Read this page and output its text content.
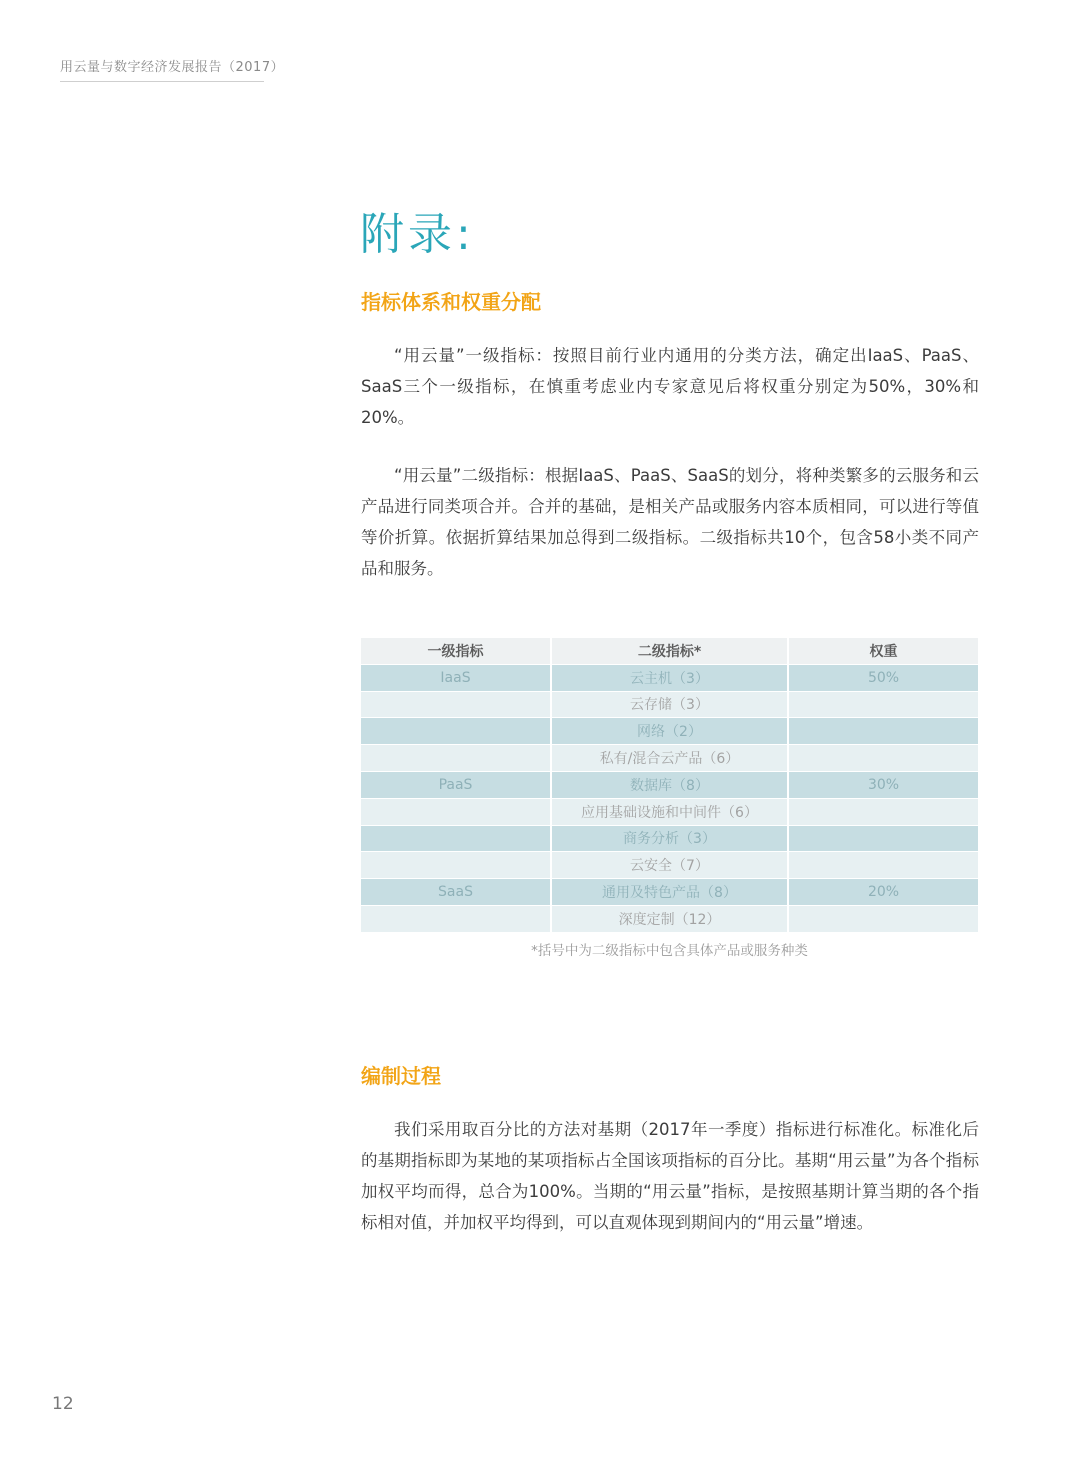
用云量与数字经济发展报告（2017）
附录:
指标体系和权重分配

“用云量”一级指标：按照目前行业内通用的分类方法，确定出IaaS、PaaS、SaaS三个一级指标，在慎重考虑业内专家意见后将权重分别定为50%，30%和20%。

“用云量”二级指标：根据IaaS、PaaS、SaaS的划分，将种类繁多的云服务和云产品进行同类项合并。合并的基础，是相关产品或服务内容本质相同，可以进行等值等价折算。依据折算结果加总得到二级指标。二级指标共10个，包含58小类不同产品和服务。

一级指标	二级指标*	权重
IaaS	云主机（3）	50%
	云存储（3）	
	网络（2）	
	私有/混合云产品（6）	
PaaS	数据库（8）	30%
	应用基础设施和中间件（6）	
	商务分析（3）	
	云安全（7）	
SaaS	通用及特色产品（8）	20%
	深度定制（12）	
*括号中为二级指标中包含具体产品或服务种类
编制过程

我们采用取百分比的方法对基期（2017年一季度）指标进行标准化。标准化后的基期指标即为某地的某项指标占全国该项指标的百分比。基期“用云量”为各个指标加权平均而得，总合为100%。当期的“用云量”指标，是按照基期计算当期的各个指标相对值，并加权平均得到，可以直观体现到期间内的“用云量”增速。

12
